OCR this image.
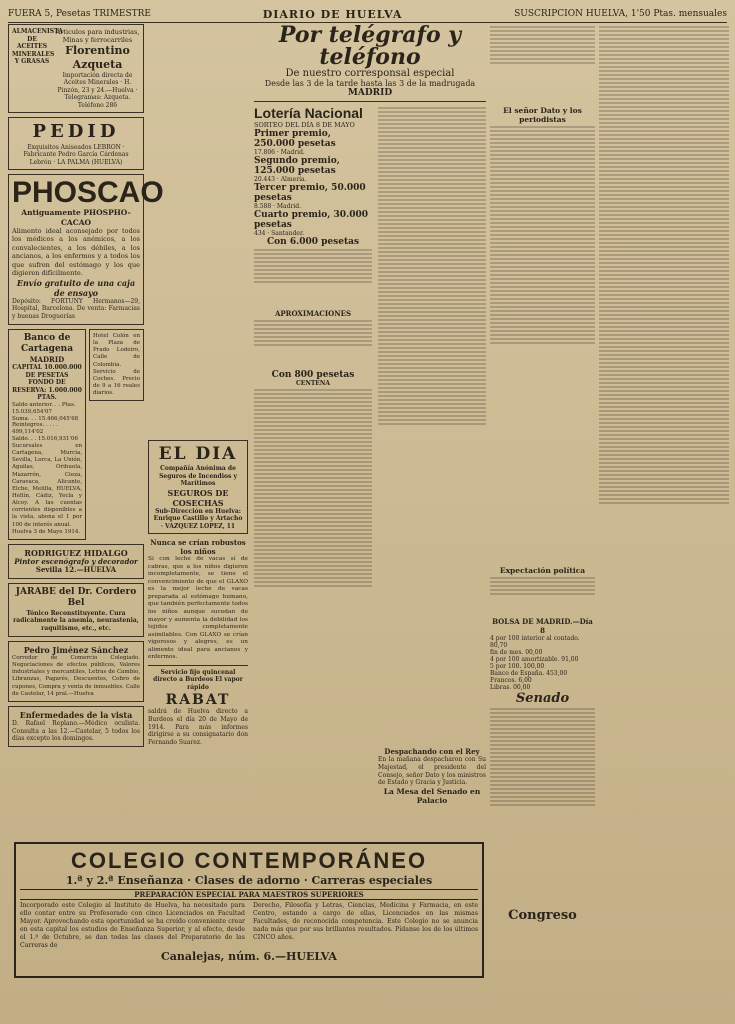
FUERA 5, Pesetas TRIMESTRE	DIARIO DE HUELVA	SUSCRIPCION HUELVA, 1'50 Ptas. mensuales
ALMACENISTA DE ACEITES MINERALES Y GRASAS
Articulos para industrias, Minas y ferrocarriles
Florentino Azqueta
Importación directa de Aceites Minerales · H. Pinzón, 23 y 24.—Huelva · Telegramas: Azqueta. Teléfono 286
PEDID
Exquisitos Aniseados LEBRON · Fabricante Pedro García Cárdenas Lebrón · LA PALMA (HUELVA)
PHOSCAO
Antiguamente PHOSPHO-CACAO
Alimento ideal aconsejado por todos los médicos a los anémicos, a los convalecientes, a los débiles, a los ancianos, a los enfermos y a todos los que sufren del estómago y los que digieren difícilmente.
Envío gratuito de una caja de ensayo
Depósito: FORTUNY Hermanos—29, Hospital, Barcelona. De venta: Farmacias y buenas Droguerías
Banco de Cartagena
MADRID
CAPITAL 10.000.000 DE PESETAS
FONDO DE RESERVA: 1.000.000 PTAS.
Saldo anterior. . . Ptas. 15.039,654'07
Suma. . . 15.466,045'68
Reintegros. . . . . 499,114'02
Saldo. . . 15.016,931'06
Sucursales en Cartagena, Murcia, Sevilla, Lorca, La Unión, Aguilas, Orihuela, Mazarrón, Cieza, Caravaca, Alicante, Elche, Melilla, HUELVA, Hellín, Cádiz, Yecla y Alcoy. A las cuentas corrientes disponibles a la vista, abona el 1 por 100 de interés anual.
Huelva 3 de Mayo 1914.
Hotel Colón en la Plaza de Prado Lodeiro, Calle de Colombia. Servicio de Coches. Precio de 9 a 16 reales diarios.
RODRIGUEZ HIDALGO
Pintor escenógrafo y decorador
Sevilla 12.—HUELVA
JARABE del Dr. Cordero Bel
Tónico Reconstituyente. Cura radicalmente la anemia, neurastenia, raquitismo, etc., etc.
Pedro Jiménez Sánchez
Corredor de Comercio Colegiado. Negociaciones de efectos públicos, Valores industriales y mercantiles, Letras de Cambio, Libranzas, Pagarés, Descuentos, Cobro de cupones, Compra y venta de inmuebles. Calle de Castelar, 14 pral.—Huelva
Enfermedades de la vista
D. Rafael Replano.—Médico oculista. Consulta a las 12.—Castelar, 5 todos los días excepto los domingos.
EL DIA
Compañía Anónima de Seguros de Incendios y Marítimos
SEGUROS DE COSECHAS
Sub-Dirección en Huelva: Enrique Castillo y Artacho · VAZQUEZ LOPEZ, 11
Nunca se crían robustos los niños
Si con leche de vacas sí de cabras, que a los niños digieren incompletamente, se tiene el convencimiento de que el GLAXO es la mejor leche de vacas preparada al estómago humano, que también perfectamente todos los niños aunque sucedan de mayor y aumenta la debilidad los tejidos completamente asimilables. Con GLAXO se crían vigorosos y alegres, es un alimento ideal para ancianos y enfermos.
Servicio fijo quincenal directo a Burdeos El vapor rápido
RABAT
saldrá de Huelva directo a Burdeos el día 20 de Mayo de 1914. Para más informes dirigirse a su consignatario don Fernando Suarez.
Por telégrafo y teléfono
De nuestro corresponsal especial
Desde las 3 de la tarde hasta las 3 de la madrugada
MADRID
Lotería Nacional
SORTEO DEL DÍA 8 DE MAYO
Primer premio, 250.000 pesetas
17.806 · Madrid.
Segundo premio, 125.000 pesetas
20.443 · Almería.
Tercer premio, 50.000 pesetas
8.588 · Madrid.
Cuarto premio, 30.000 pesetas
434 · Santander.
Con 6.000 pesetas
APROXIMACIONES
Con 800 pesetas
CENTENA
Despachando con el Rey
En la mañana despacharon con Su Majestad, el presidente del Consejo, señor Dato y los ministros de Estado y Gracia y Justicia.
La Mesa del Senado en Palacio
El señor Dato y los periodistas
Expectación política
BOLSA DE MADRID.—Día 8
4 por 100 interior al contado. 80,70
fin de mes. 00,00
4 por 100 amortizable. 91,00
5 por 100. 100,00
Banco de España. 453,00
Francos. 6,00
Libras. 00,00
Senado
Congreso
COLEGIO CONTEMPORÁNEO
1.ª y 2.ª Enseñanza · Clases de adorno · Carreras especiales
PREPARACIÓN ESPECIAL PARA MAESTROS SUPERIORES
Incorporado este Colegio al Instituto de Huelva, ha necesitado para ello contar entre su Profesorado con cinco Licenciados en Facultad Mayor. Aprovechando esta oportunidad se ha creído conveniente crear en esta capital los estudios de Enseñanza Superior, y al efecto, desde el 1.º de Octubre, se dan todas las clases del Preparatorio de las Carreras de
Derecho, Filosofía y Letras, Ciencias, Medicina y Farmacia, en este Centro, estando a cargo de ellas, Licenciados en las mismas Facultades, de reconocida competencia. Este Colegio no se anuncia nada más que por sus brillantes resultados. Pídanse los de los últimos CINCO años.
Canalejas, núm. 6.—HUELVA
